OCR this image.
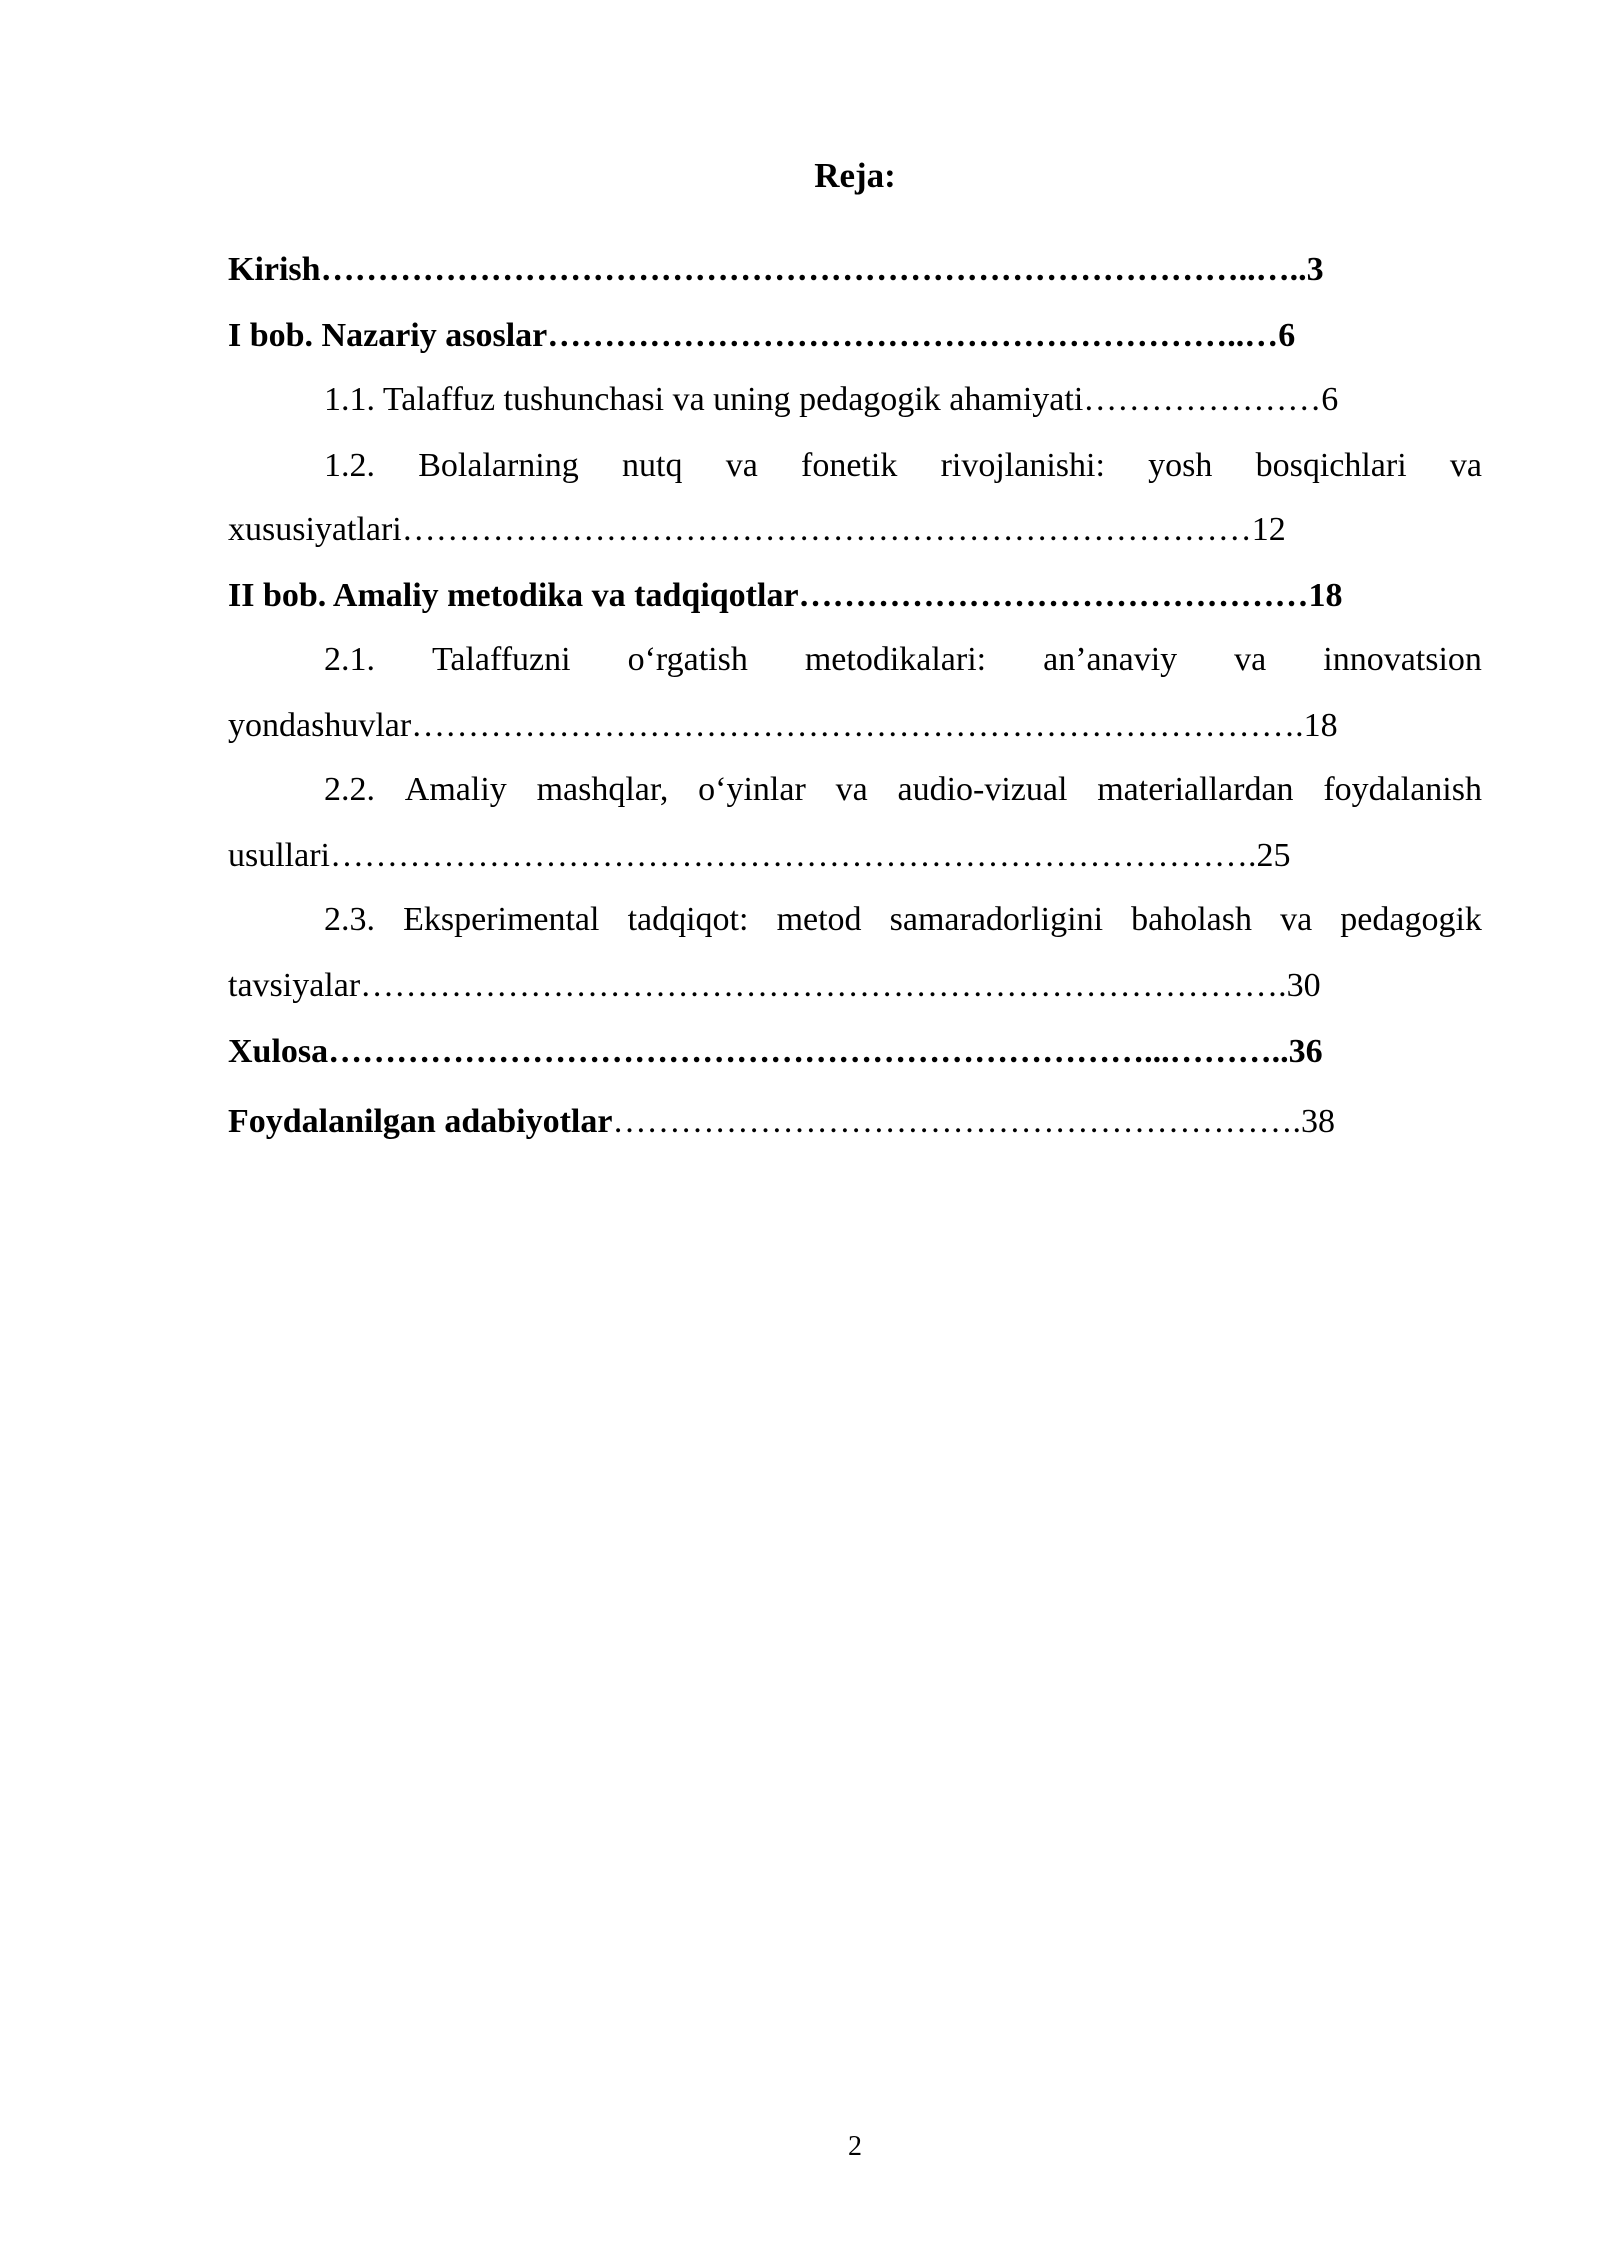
Reja:
Kirish………………………………………………………………………..…..3
I bob. Nazariy asoslar……………………………………………………..…6
1.1. Talaffuz tushunchasi va uning pedagogik ahamiyati…………………6
1.2. Bolalarning nutq va fonetik rivojlanishi: yosh bosqichlari va
xususiyatlari…………………………………………………………………12
II bob. Amaliy metodika va tadqiqotlar………………………………………18
2.1. Talaffuzni o‘rgatish metodikalari: an’anaviy va innovatsion
yondashuvlar…………………………………………………………………….18
2.2. Amaliy mashqlar, o‘yinlar va audio-vizual materiallardan foydalanish
usullari……………………………………………………………………….25
2.3. Eksperimental tadqiqot: metod samaradorligini baholash va pedagogik
tavsiyalar……………………………………………………………………….30
Xulosa………………………………………………………………...………..36
Foydalanilgan adabiyotlar…………………………………………………….38
2
